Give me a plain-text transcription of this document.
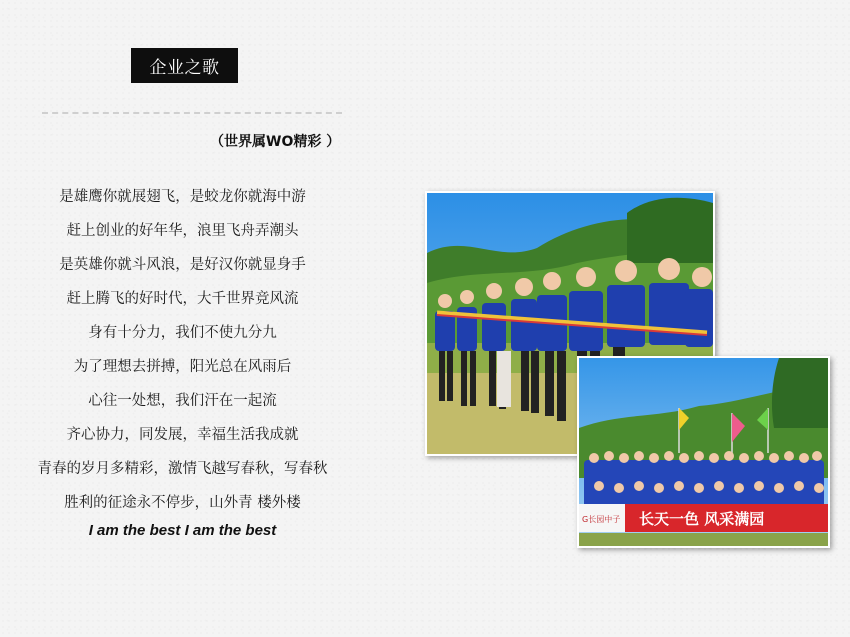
企业之歌
（世界属WO精彩 ）
是雄鹰你就展翅飞，是蛟龙你就海中游
赶上创业的好年华，浪里飞舟弄潮头
是英雄你就斗风浪，是好汉你就显身手
赶上腾飞的好时代，大千世界竞风流
身有十分力，我们不使九分九
为了理想去拼搏，阳光总在风雨后
心往一处想，我们汗在一起流
齐心协力，同发展，幸福生活我成就
青春的岁月多精彩，激情飞越写春秋，写春秋
胜利的征途永不停步，山外青 楼外楼
I am the best I am the best
G长园中子 长天一色 风采满园
